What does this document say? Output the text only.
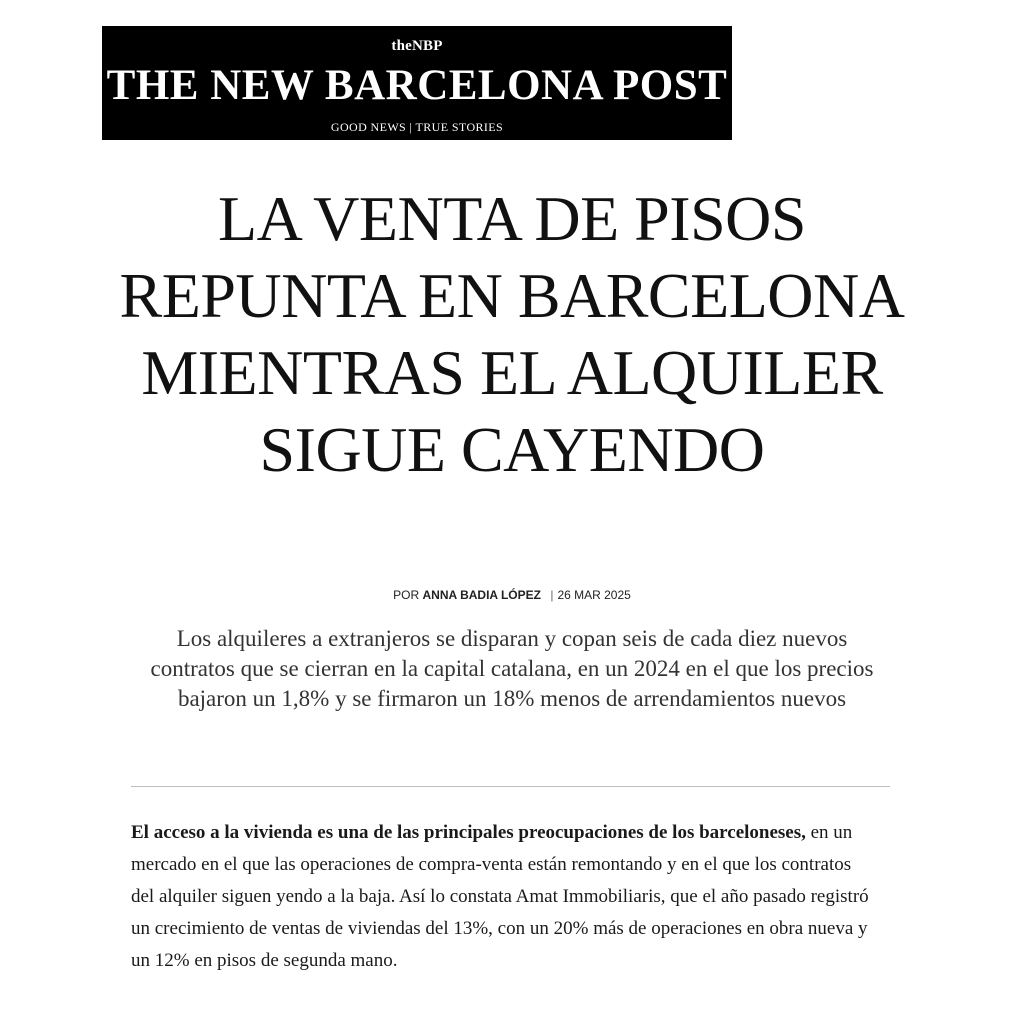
theNBP
THE NEW BARCELONA POST
GOOD NEWS | TRUE STORIES
LA VENTA DE PISOS REPUNTA EN BARCELONA MIENTRAS EL ALQUILER SIGUE CAYENDO
POR ANNA BADIA LÓPEZ | 26 MAR 2025

Los alquileres a extranjeros se disparan y copan seis de cada diez nuevos contratos que se cierran en la capital catalana, en un 2024 en el que los precios bajaron un 1,8% y se firmaron un 18% menos de arrendamientos nuevos

El acceso a la vivienda es una de las principales preocupaciones de los barceloneses, en un mercado en el que las operaciones de compra-venta están remontando y en el que los contratos del alquiler siguen yendo a la baja. Así lo constata Amat Immobiliaris, que el año pasado registró un crecimiento de ventas de viviendas del 13%, con un 20% más de operaciones en obra nueva y un 12% en pisos de segunda mano.
